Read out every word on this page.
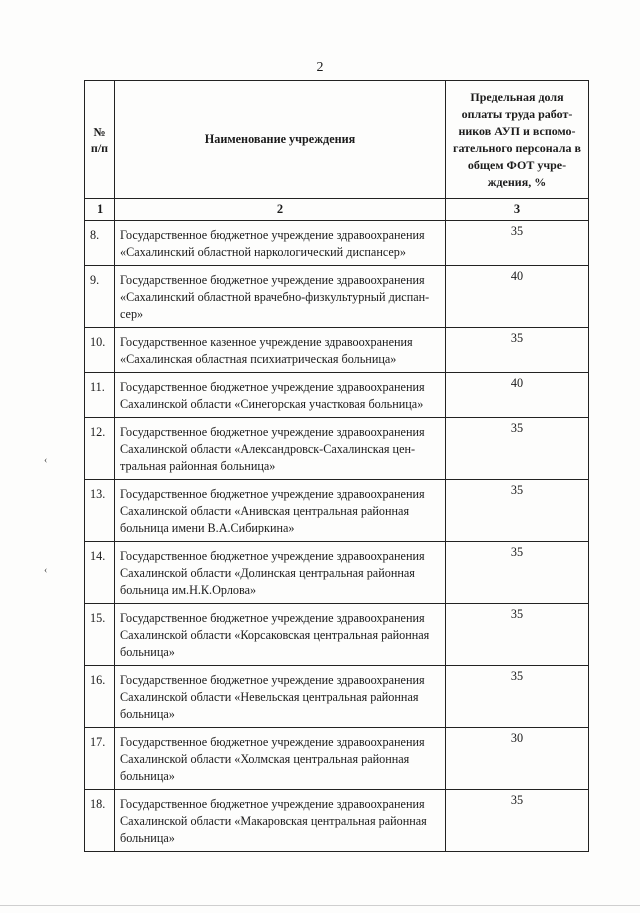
2
№
п/п	Наименование учреждения	Предельная доля оплаты труда работ-ников АУП и вспомо-гательного персонала в общем ФОТ учре-ждения, %
1	2	3
8.	Государственное бюджетное учреждение здравоохранения «Сахалинский областной наркологический диспансер»	35
9.	Государственное бюджетное учреждение здравоохранения «Сахалинский областной врачебно-физкультурный диспан-сер»	40
10.	Государственное казенное учреждение здравоохранения «Сахалинская областная психиатрическая больница»	35
11.	Государственное бюджетное учреждение здравоохранения Сахалинской области «Синегорская участковая больница»	40
12.	Государственное бюджетное учреждение здравоохранения Сахалинской области «Александровск-Сахалинская цен-тральная районная больница»	35
13.	Государственное бюджетное учреждение здравоохранения Сахалинской области «Анивская центральная районная больница имени В.А.Сибиркина»	35
14.	Государственное бюджетное учреждение здравоохранения Сахалинской области «Долинская центральная районная больница им.Н.К.Орлова»	35
15.	Государственное бюджетное учреждение здравоохранения Сахалинской области «Корсаковская центральная районная больница»	35
16.	Государственное бюджетное учреждение здравоохранения Сахалинской области «Невельская центральная районная больница»	35
17.	Государственное бюджетное учреждение здравоохранения Сахалинской области «Холмская центральная районная больница»	30
18.	Государственное бюджетное учреждение здравоохранения Сахалинской области «Макаровская центральная районная больница»	35
‹
‹
